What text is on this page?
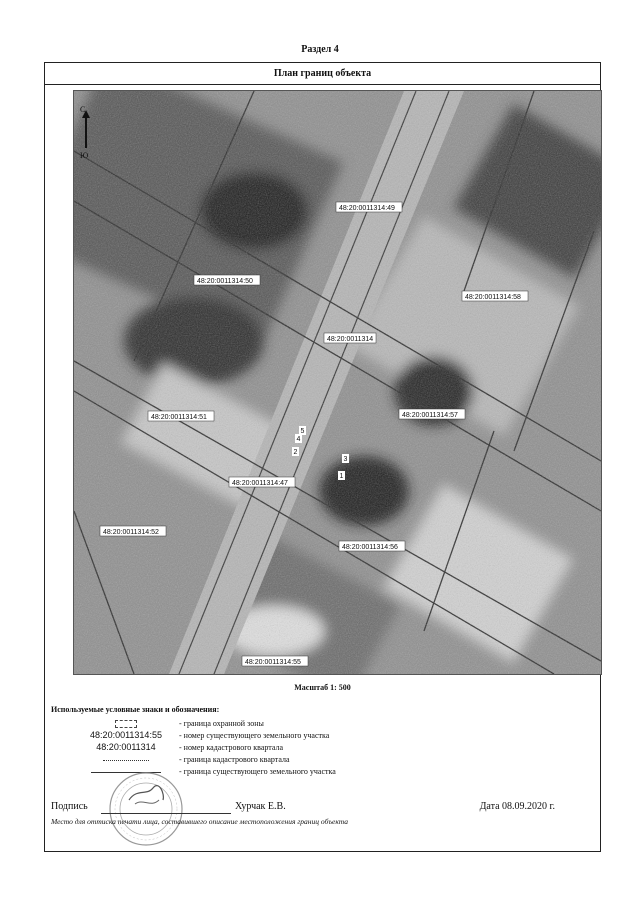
Раздел 4
План границ объекта
48:20:0011314:49
48:20:0011314:50
48:20:0011314:58
48:20:0011314
48:20:0011314:51	48:20:0011314:57
48:20:0011314:47
48:20:0011314:52
48:20:0011314:56
48:20:0011314:55
1
2
3
4
5
С
Ю
Масштаб 1: 500
Используемые условные знаки и обозначения:
- граница охранной зоны
48:20:0011314:55	- номер существующего земельного участка
48:20:0011314	- номер кадастрового квартала
- граница кадастрового квартала
- граница существующего земельного участка
Подпись	Хурчак Е.В.	Дата 08.09.2020 г.
Место для оттиска печати лица, составившего описание местоположения границ объекта
